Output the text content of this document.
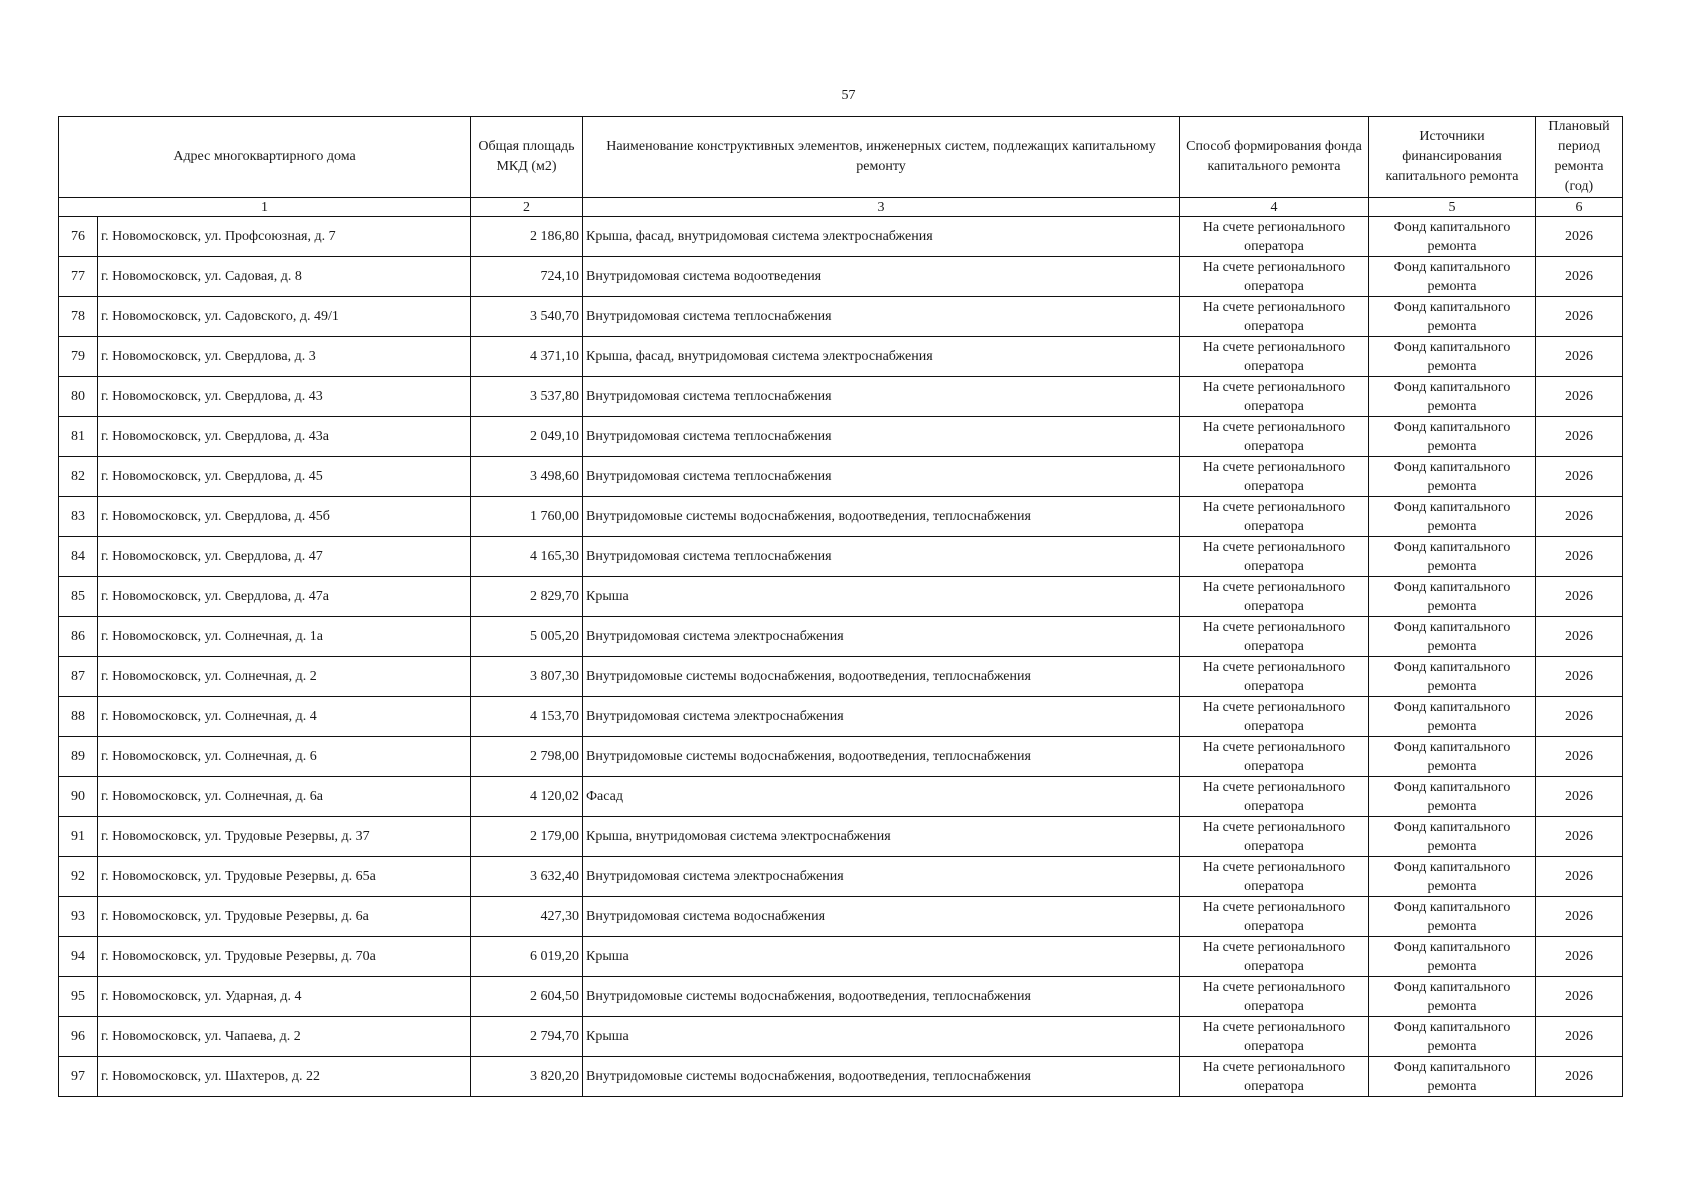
57
Адрес многоквартирного дома		Общая площадь МКД (м2)	Наименование конструктивных элементов, инженерных систем, подлежащих капитальному ремонту	Способ формирования фонда капитального ремонта	Источники финансирования капитального ремонта	Плановый период ремонта (год)
1		2	3	4	5	6
76	г. Новомосковск, ул. Профсоюзная, д. 7	2 186,80	Крыша, фасад, внутридомовая система электроснабжения	На счете регионального оператора	Фонд капитального ремонта	2026
77	г. Новомосковск, ул. Садовая, д. 8	724,10	Внутридомовая система водоотведения	На счете регионального оператора	Фонд капитального ремонта	2026
78	г. Новомосковск, ул. Садовского, д. 49/1	3 540,70	Внутридомовая система теплоснабжения	На счете регионального оператора	Фонд капитального ремонта	2026
79	г. Новомосковск, ул. Свердлова, д. 3	4 371,10	Крыша, фасад, внутридомовая система электроснабжения	На счете регионального оператора	Фонд капитального ремонта	2026
80	г. Новомосковск, ул. Свердлова, д. 43	3 537,80	Внутридомовая система теплоснабжения	На счете регионального оператора	Фонд капитального ремонта	2026
81	г. Новомосковск, ул. Свердлова, д. 43а	2 049,10	Внутридомовая система теплоснабжения	На счете регионального оператора	Фонд капитального ремонта	2026
82	г. Новомосковск, ул. Свердлова, д. 45	3 498,60	Внутридомовая система теплоснабжения	На счете регионального оператора	Фонд капитального ремонта	2026
83	г. Новомосковск, ул. Свердлова, д. 45б	1 760,00	Внутридомовые системы водоснабжения, водоотведения, теплоснабжения	На счете регионального оператора	Фонд капитального ремонта	2026
84	г. Новомосковск, ул. Свердлова, д. 47	4 165,30	Внутридомовая система теплоснабжения	На счете регионального оператора	Фонд капитального ремонта	2026
85	г. Новомосковск, ул. Свердлова, д. 47а	2 829,70	Крыша	На счете регионального оператора	Фонд капитального ремонта	2026
86	г. Новомосковск, ул. Солнечная, д. 1а	5 005,20	Внутридомовая система электроснабжения	На счете регионального оператора	Фонд капитального ремонта	2026
87	г. Новомосковск, ул. Солнечная, д. 2	3 807,30	Внутридомовые системы водоснабжения, водоотведения, теплоснабжения	На счете регионального оператора	Фонд капитального ремонта	2026
88	г. Новомосковск, ул. Солнечная, д. 4	4 153,70	Внутридомовая система электроснабжения	На счете регионального оператора	Фонд капитального ремонта	2026
89	г. Новомосковск, ул. Солнечная, д. 6	2 798,00	Внутридомовые системы водоснабжения, водоотведения, теплоснабжения	На счете регионального оператора	Фонд капитального ремонта	2026
90	г. Новомосковск, ул. Солнечная, д. 6а	4 120,02	Фасад	На счете регионального оператора	Фонд капитального ремонта	2026
91	г. Новомосковск, ул. Трудовые Резервы, д. 37	2 179,00	Крыша, внутридомовая система электроснабжения	На счете регионального оператора	Фонд капитального ремонта	2026
92	г. Новомосковск, ул. Трудовые Резервы, д. 65а	3 632,40	Внутридомовая система электроснабжения	На счете регионального оператора	Фонд капитального ремонта	2026
93	г. Новомосковск, ул. Трудовые Резервы, д. 6а	427,30	Внутридомовая система водоснабжения	На счете регионального оператора	Фонд капитального ремонта	2026
94	г. Новомосковск, ул. Трудовые Резервы, д. 70а	6 019,20	Крыша	На счете регионального оператора	Фонд капитального ремонта	2026
95	г. Новомосковск, ул. Ударная, д. 4	2 604,50	Внутридомовые системы водоснабжения, водоотведения, теплоснабжения	На счете регионального оператора	Фонд капитального ремонта	2026
96	г. Новомосковск, ул. Чапаева, д. 2	2 794,70	Крыша	На счете регионального оператора	Фонд капитального ремонта	2026
97	г. Новомосковск, ул. Шахтеров, д. 22	3 820,20	Внутридомовые системы водоснабжения, водоотведения, теплоснабжения	На счете регионального оператора	Фонд капитального ремонта	2026
